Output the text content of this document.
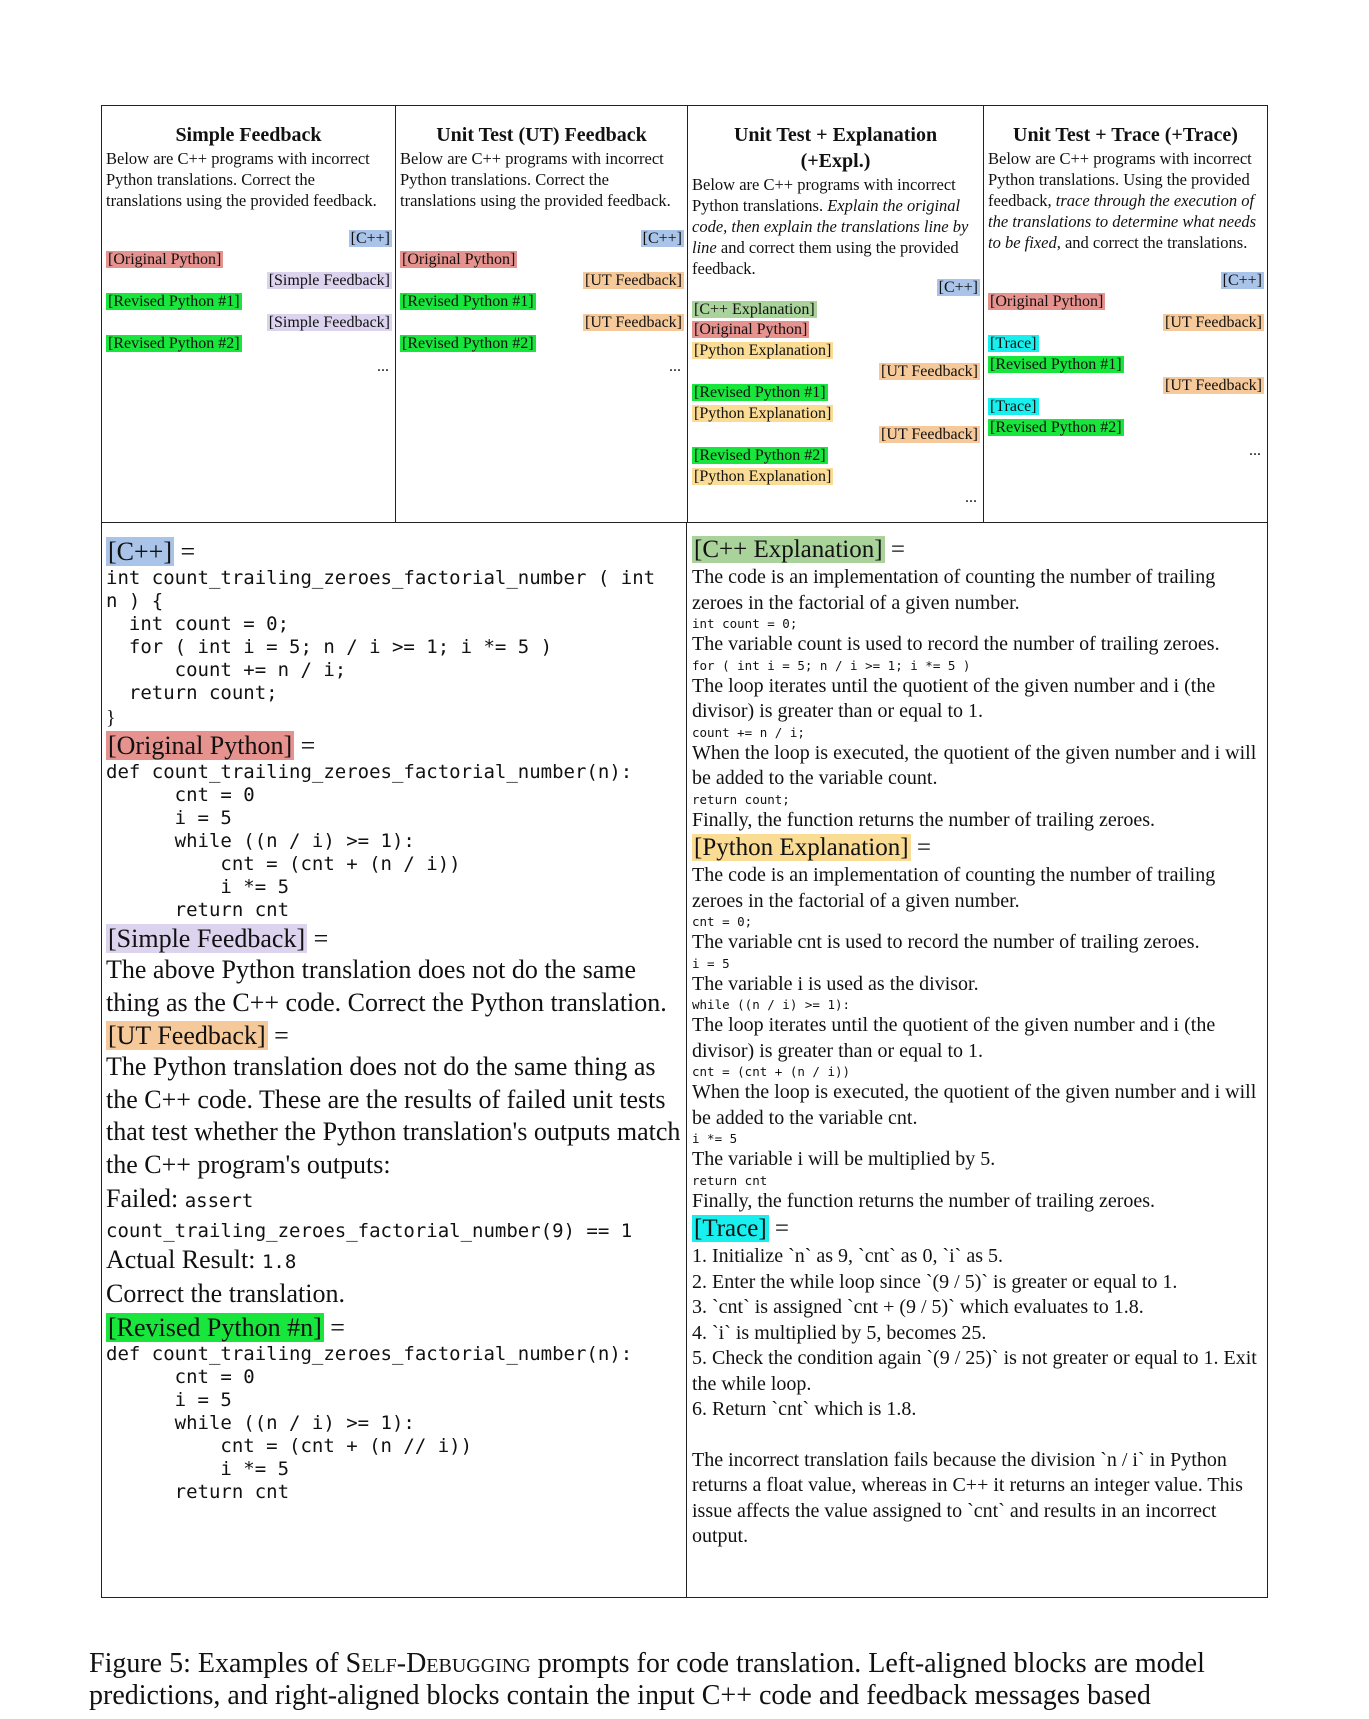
Simple Feedback
Below are C++ programs with incorrect Python translations. Correct the translations using the provided feedback.
[C++]
[Original Python]
[Simple Feedback]
[Revised Python #1]
[Simple Feedback]
[Revised Python #2]
...
Unit Test (UT) Feedback
Below are C++ programs with incorrect Python translations. Correct the translations using the provided feedback.
[C++]
[Original Python]
[UT Feedback]
[Revised Python #1]
[UT Feedback]
[Revised Python #2]
...
Unit Test + Explanation (+Expl.)
Below are C++ programs with incorrect Python translations. Explain the original code, then explain the translations line by line and correct them using the provided feedback.
[C++]
[C++ Explanation]
[Original Python]
[Python Explanation]
[UT Feedback]
[Revised Python #1]
[Python Explanation]
[UT Feedback]
[Revised Python #2]
[Python Explanation]
...
Unit Test + Trace (+Trace)
Below are C++ programs with incorrect Python translations. Using the provided feedback, trace through the execution of the translations to determine what needs to be fixed, and correct the translations.
[C++]
[Original Python]
[UT Feedback]
[Trace]
[Revised Python #1]
[UT Feedback]
[Trace]
[Revised Python #2]
...
[C++] =
int count_trailing_zeroes_factorial_number ( int
n ) {
int count = 0;
for ( int i = 5; n / i >= 1; i *= 5 )
count += n / i;
return count;
}
[Original Python] =
def count_trailing_zeroes_factorial_number(n):
cnt = 0
i = 5
while ((n / i) >= 1):
cnt = (cnt + (n / i))
i *= 5
return cnt
[Simple Feedback] =
The above Python translation does not do the same thing as the C++ code. Correct the Python translation.
[UT Feedback] =
The Python translation does not do the same thing as the C++ code. These are the results of failed unit tests that test whether the Python translation's outputs match the C++ program's outputs:
Failed: assert
count_trailing_zeroes_factorial_number(9) == 1
Actual Result: 1.8
Correct the translation.
[Revised Python #n] =
def count_trailing_zeroes_factorial_number(n):
cnt = 0
i = 5
while ((n / i) >= 1):
cnt = (cnt + (n // i))
i *= 5
return cnt
[C++ Explanation] =
The code is an implementation of counting the number of trailing zeroes in the factorial of a given number.
int count = 0;
The variable count is used to record the number of trailing zeroes.
for ( int i = 5; n / i >= 1; i *= 5 )
The loop iterates until the quotient of the given number and i (the divisor) is greater than or equal to 1.
count += n / i;
When the loop is executed, the quotient of the given number and i will be added to the variable count.
return count;
Finally, the function returns the number of trailing zeroes.
[Python Explanation] =
The code is an implementation of counting the number of trailing zeroes in the factorial of a given number.
cnt = 0;
The variable cnt is used to record the number of trailing zeroes.
i = 5
The variable i is used as the divisor.
while ((n / i) >= 1):
The loop iterates until the quotient of the given number and i (the divisor) is greater than or equal to 1.
cnt = (cnt + (n / i))
When the loop is executed, the quotient of the given number and i will be added to the variable cnt.
i *= 5
The variable i will be multiplied by 5.
return cnt
Finally, the function returns the number of trailing zeroes.
[Trace] =
1. Initialize `n` as 9, `cnt` as 0, `i` as 5.
2. Enter the while loop since `(9 / 5)` is greater or equal to 1.
3. `cnt` is assigned `cnt + (9 / 5)` which evaluates to 1.8.
4. `i` is multiplied by 5, becomes 25.
5. Check the condition again `(9 / 25)` is not greater or equal to 1. Exit the while loop.
6. Return `cnt` which is 1.8.
The incorrect translation fails because the division `n / i` in Python returns a float value, whereas in C++ it returns an integer value. This issue affects the value assigned to `cnt` and results in an incorrect output.
Figure 5: Examples of Self-Debugging prompts for code translation. Left-aligned blocks are model predictions, and right-aligned blocks contain the input C++ code and feedback messages based
